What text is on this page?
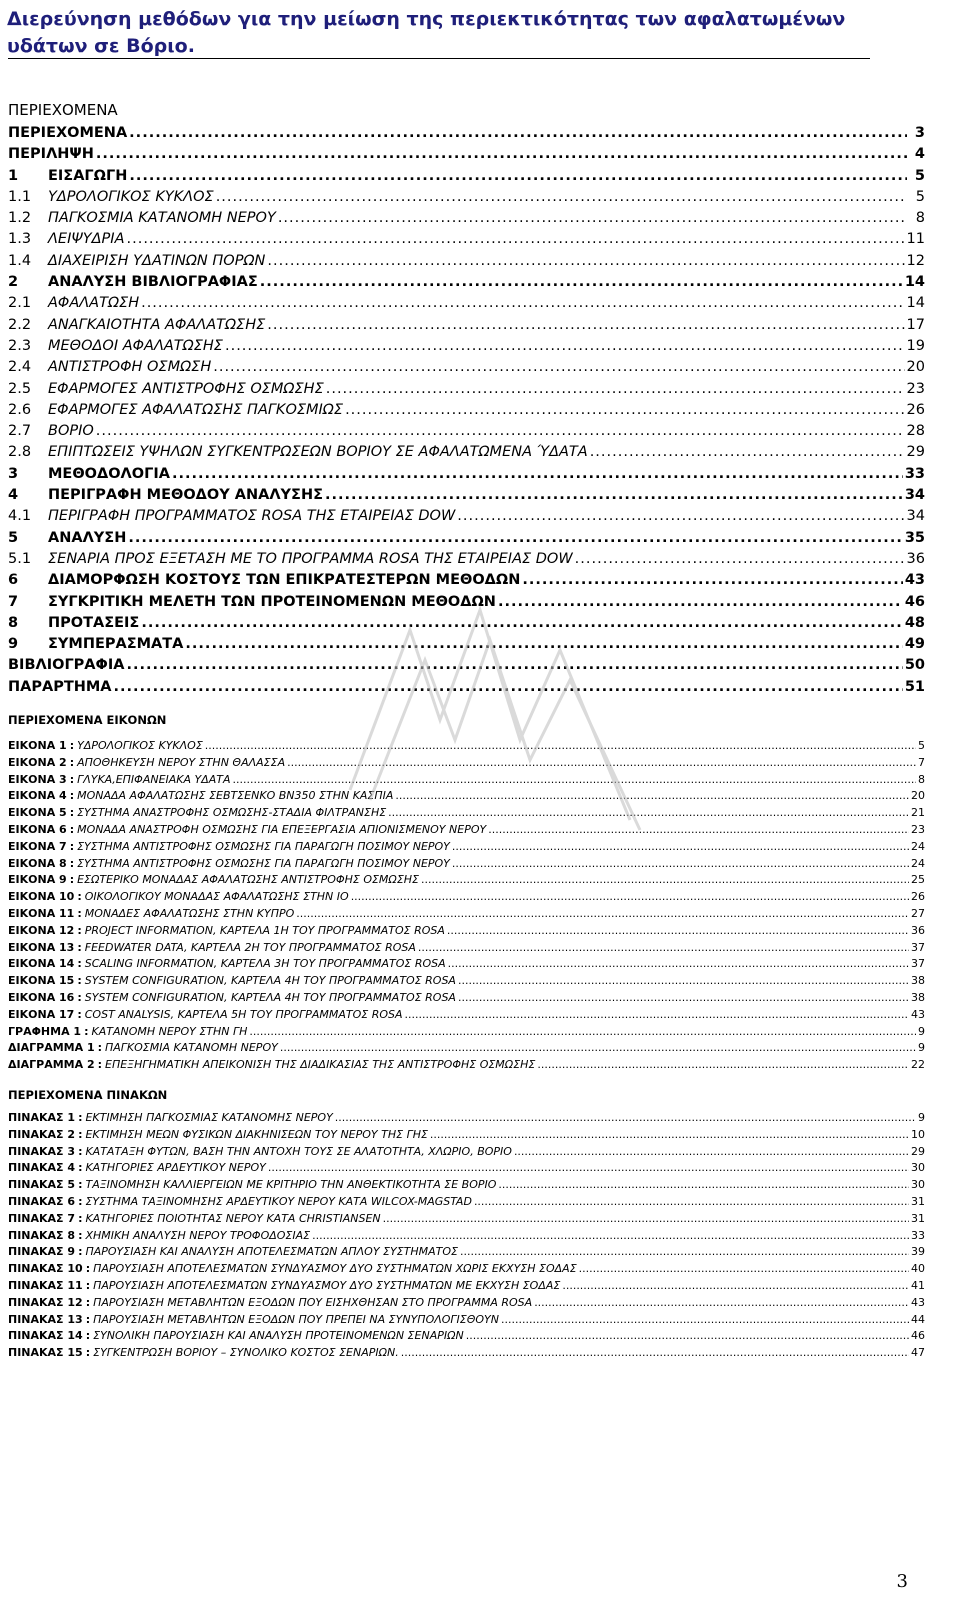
Διερεύνηση μεθόδων για την μείωση της περιεκτικότητας των αφαλατωμένων υδάτων σε Βόριο.
ΠΕΡΙΕΧΟΜΕΝΑ
ΠΕΡΙΕΧΟΜΕΝΑ .....	3
ΠΕΡΙΛΗΨΗ .....	4
1	ΕΙΣΑΓΩΓΗ .....	5
1.1	ΥΔΡΟΛΟΓΙΚΟΣ ΚΥΚΛΟΣ .....	5
1.2	ΠΑΓΚΟΣΜΙΑ ΚΑΤΑΝΟΜΗ ΝΕΡΟΥ .....	8
1.3	ΛΕΙΨΥΔΡΙΑ .....	11
1.4	ΔΙΑΧΕΙΡΙΣΗ ΥΔΑΤΙΝΩΝ ΠΟΡΩΝ .....	12
2	ΑΝΑΛΥΣΗ ΒΙΒΛΙΟΓΡΑΦΙΑΣ .....	14
2.1	ΑΦΑΛΑΤΩΣΗ .....	14
2.2	ΑΝΑΓΚΑΙΟΤΗΤΑ ΑΦΑΛΑΤΩΣΗΣ .....	17
2.3	ΜΕΘΟΔΟΙ ΑΦΑΛΑΤΩΣΗΣ .....	19
2.4	ΑΝΤΙΣΤΡΟΦΗ ΟΣΜΩΣΗ .....	20
2.5	ΕΦΑΡΜΟΓΕΣ ΑΝΤΙΣΤΡΟΦΗΣ ΟΣΜΩΣΗΣ .....	23
2.6	ΕΦΑΡΜΟΓΕΣ ΑΦΑΛΑΤΩΣΗΣ ΠΑΓΚΟΣΜΙΩΣ .....	26
2.7	ΒΟΡΙΟ .....	28
2.8	ΕΠΙΠΤΩΣΕΙΣ ΥΨΗΛΩΝ ΣΥΓΚΕΝΤΡΩΣΕΩΝ ΒΟΡΙΟΥ ΣΕ ΑΦΑΛΑΤΩΜΕΝΑ ΎΔΑΤΑ .....	29
3	ΜΕΘΟΔΟΛΟΓΙΑ .....	33
4	ΠΕΡΙΓΡΑΦΗ ΜΕΘΟΔΟΥ ΑΝΑΛΥΣΗΣ .....	34
4.1	ΠΕΡΙΓΡΑΦΗ ΠΡΟΓΡΑΜΜΑΤΟΣ ROSA ΤΗΣ ΕΤΑΙΡΕΙΑΣ DOW .....	34
5	ΑΝΑΛΥΣΗ .....	35
5.1	ΣΕΝΑΡΙΑ ΠΡΟΣ ΕΞΕΤΑΣΗ ΜΕ ΤΟ ΠΡΟΓΡΑΜΜΑ ROSA ΤΗΣ ΕΤΑΙΡΕΙΑΣ DOW .....	36
6	ΔΙΑΜΟΡΦΩΣΗ ΚΟΣΤΟΥΣ ΤΩΝ ΕΠΙΚΡΑΤΕΣΤΕΡΩΝ ΜΕΘΟΔΩΝ .....	43
7	ΣΥΓΚΡΙΤΙΚΗ ΜΕΛΕΤΗ ΤΩΝ ΠΡΟΤΕΙΝΟΜΕΝΩΝ ΜΕΘΟΔΩΝ .....	46
8	ΠΡΟΤΑΣΕΙΣ .....	48
9	ΣΥΜΠΕΡΑΣΜΑΤΑ .....	49
ΒΙΒΛΙΟΓΡΑΦΙΑ .....	50
ΠΑΡΑΡΤΗΜΑ .....	51
ΠΕΡΙΕΧΟΜΕΝΑ ΕΙΚΟΝΩΝ
ΕΙΚΟΝΑ 1 : ΥΔΡΟΛΟΓΙΚΟΣ ΚΥΚΛΟΣ .....	5
ΕΙΚΟΝΑ 2 : ΑΠΟΘΗΚΕΥΣΗ ΝΕΡΟΥ ΣΤΗΝ ΘΑΛΑΣΣΑ .....	7
ΕΙΚΟΝΑ 3 : ΓΛΥΚΑ,ΕΠΙΦΑΝΕΙΑΚΑ ΥΔΑΤΑ .....	8
ΕΙΚΟΝΑ 4 : ΜΟΝΑΔΑ ΑΦΑΛΑΤΩΣΗΣ ΣΕΒΤΣΕΝΚΟ BN350 ΣΤΗΝ ΚΑΣΠΙΑ .....	20
ΕΙΚΟΝΑ 5 : ΣΥΣΤΗΜΑ ΑΝΑΣΤΡΟΦΗΣ ΟΣΜΩΣΗΣ-ΣΤΑΔΙΑ ΦΙΛΤΡΑΝΣΗΣ .....	21
ΕΙΚΟΝΑ 6 : ΜΟΝΑΔΑ ΑΝΑΣΤΡΟΦΗ ΟΣΜΩΣΗΣ ΓΙΑ ΕΠΕΞΕΡΓΑΣΙΑ ΑΠΙΟΝΙΣΜΕΝΟΥ ΝΕΡΟΥ .....	23
ΕΙΚΟΝΑ 7 : ΣΥΣΤΗΜΑ ΑΝΤΙΣΤΡΟΦΗΣ ΟΣΜΩΣΗΣ ΓΙΑ ΠΑΡΑΓΩΓΗ ΠΟΣΙΜΟΥ ΝΕΡΟΥ .....	24
ΕΙΚΟΝΑ 8 : ΣΥΣΤΗΜΑ ΑΝΤΙΣΤΡΟΦΗΣ ΟΣΜΩΣΗΣ ΓΙΑ ΠΑΡΑΓΩΓΗ ΠΟΣΙΜΟΥ ΝΕΡΟΥ .....	24
ΕΙΚΟΝΑ 9 : ΕΣΩΤΕΡΙΚΟ ΜΟΝΑΔΑΣ ΑΦΑΛΑΤΩΣΗΣ ΑΝΤΙΣΤΡΟΦΗΣ ΟΣΜΩΣΗΣ .....	25
ΕΙΚΟΝΑ 10 : ΟΙΚΟΛΟΓΙΚΟΥ ΜΟΝΑΔΑΣ ΑΦΑΛΑΤΩΣΗΣ ΣΤΗΝ ΙΟ .....	26
ΕΙΚΟΝΑ 11 : ΜΟΝΑΔΕΣ ΑΦΑΛΑΤΩΣΗΣ ΣΤΗΝ ΚΥΠΡΟ .....	27
ΕΙΚΟΝΑ 12 : PROJECT INFORMATION, ΚΑΡΤΕΛΑ 1Η ΤΟΥ ΠΡΟΓΡΑΜΜΑΤΟΣ ROSA .....	36
ΕΙΚΟΝΑ 13 : FEEDWATER DATA, ΚΑΡΤΕΛΑ 2Η ΤΟΥ ΠΡΟΓΡΑΜΜΑΤΟΣ ROSA .....	37
ΕΙΚΟΝΑ 14 : SCALING INFORMATION, ΚΑΡΤΕΛΑ 3Η ΤΟΥ ΠΡΟΓΡΑΜΜΑΤΟΣ ROSA .....	37
ΕΙΚΟΝΑ 15 : SYSTEM CONFIGURATION, ΚΑΡΤΕΛΑ 4Η ΤΟΥ ΠΡΟΓΡΑΜΜΑΤΟΣ ROSA .....	38
ΕΙΚΟΝΑ 16 : SYSTEM CONFIGURATION, ΚΑΡΤΕΛΑ 4Η ΤΟΥ ΠΡΟΓΡΑΜΜΑΤΟΣ ROSA .....	38
ΕΙΚΟΝΑ 17 : COST ANALYSIS, ΚΑΡΤΕΛΑ 5Η ΤΟΥ ΠΡΟΓΡΑΜΜΑΤΟΣ ROSA .....	43
ΓΡΑΦΗΜΑ 1 : ΚΑΤΑΝΟΜΗ ΝΕΡΟΥ ΣΤΗΝ ΓΗ .....	9
ΔΙΑΓΡΑΜΜΑ 1 : ΠΑΓΚΟΣΜΙΑ ΚΑΤΑΝΟΜΗ ΝΕΡΟΥ .....	9
ΔΙΑΓΡΑΜΜΑ 2 : ΕΠΕΞΗΓΗΜΑΤΙΚΗ ΑΠΕΙΚΟΝΙΣΗ ΤΗΣ ΔΙΑΔΙΚΑΣΙΑΣ ΤΗΣ ΑΝΤΙΣΤΡΟΦΗΣ ΟΣΜΩΣΗΣ .....	22
ΠΕΡΙΕΧΟΜΕΝΑ ΠΙΝΑΚΩΝ
ΠΙΝΑΚΑΣ 1 : ΕΚΤΙΜΗΣΗ ΠΑΓΚΟΣΜΙΑΣ ΚΑΤΑΝΟΜΗΣ ΝΕΡΟΥ .....	9
ΠΙΝΑΚΑΣ 2 : ΕΚΤΙΜΗΣΗ ΜΕΩΝ ΦΥΣΙΚΩΝ ΔΙΑΚΗΝΙΣΕΩΝ ΤΟΥ ΝΕΡΟΥ ΤΗΣ ΓΗΣ .....	10
ΠΙΝΑΚΑΣ 3 : ΚΑΤΑΤΑΞΗ ΦΥΤΩΝ, ΒΑΣΗ ΤΗΝ ΑΝΤΟΧΗ ΤΟΥΣ ΣΕ ΑΛΑΤΟΤΗΤΑ, ΧΛΩΡΙΟ, ΒΟΡΙΟ .....	29
ΠΙΝΑΚΑΣ 4 : ΚΑΤΗΓΟΡΙΕΣ ΑΡΔΕΥΤΙΚΟΥ ΝΕΡΟΥ .....	30
ΠΙΝΑΚΑΣ 5 : ΤΑΞΙΝΟΜΗΣΗ ΚΑΛΛΙΕΡΓΕΙΩΝ ΜΕ ΚΡΙΤΗΡΙΟ ΤΗΝ ΑΝΘΕΚΤΙΚΟΤΗΤΑ ΣΕ ΒΟΡΙΟ .....	30
ΠΙΝΑΚΑΣ 6 : ΣΥΣΤΗΜΑ ΤΑΞΙΝΟΜΗΣΗΣ ΑΡΔΕΥΤΙΚΟΥ ΝΕΡΟΥ ΚΑΤΑ WILCOX-MAGSTAD .....	31
ΠΙΝΑΚΑΣ 7 : ΚΑΤΗΓΟΡΙΕΣ ΠΟΙΟΤΗΤΑΣ ΝΕΡΟΥ ΚΑΤΑ CHRISTIANSEN .....	31
ΠΙΝΑΚΑΣ 8 : ΧΗΜΙΚΗ ΑΝΑΛΥΣΗ ΝΕΡΟΥ ΤΡΟΦΟΔΟΣΙΑΣ .....	33
ΠΙΝΑΚΑΣ 9 : ΠΑΡΟΥΣΙΑΣΗ ΚΑΙ ΑΝΑΛΥΣΗ ΑΠΟΤΕΛΕΣΜΑΤΩΝ ΑΠΛΟΥ ΣΥΣΤΗΜΑΤΟΣ .....	39
ΠΙΝΑΚΑΣ 10 : ΠΑΡΟΥΣΙΑΣΗ ΑΠΟΤΕΛΕΣΜΑΤΩΝ ΣΥΝΔΥΑΣΜΟΥ ΔΥΟ ΣΥΣΤΗΜΑΤΩΝ ΧΩΡΙΣ ΕΚΧΥΣΗ ΣΟΔΑΣ .....	40
ΠΙΝΑΚΑΣ 11 : ΠΑΡΟΥΣΙΑΣΗ ΑΠΟΤΕΛΕΣΜΑΤΩΝ ΣΥΝΔΥΑΣΜΟΥ ΔΥΟ ΣΥΣΤΗΜΑΤΩΝ ΜΕ ΕΚΧΥΣΗ ΣΟΔΑΣ .....	41
ΠΙΝΑΚΑΣ 12 : ΠΑΡΟΥΣΙΑΣΗ ΜΕΤΑΒΛΗΤΩΝ ΕΞΟΔΩΝ ΠΟΥ ΕΙΣΗΧΘΗΣΑΝ ΣΤΟ ΠΡΟΓΡΑΜΜΑ ROSA .....	43
ΠΙΝΑΚΑΣ 13 : ΠΑΡΟΥΣΙΑΣΗ ΜΕΤΑΒΛΗΤΩΝ ΕΞΟΔΩΝ ΠΟΥ ΠΡΕΠΕΙ ΝΑ ΣΥΝΥΠΟΛΟΓΙΣΘΟΥΝ .....	44
ΠΙΝΑΚΑΣ 14 : ΣΥΝΟΛΙΚΗ ΠΑΡΟΥΣΙΑΣΗ ΚΑΙ ΑΝΑΛΥΣΗ ΠΡΟΤΕΙΝΟΜΕΝΩΝ ΣΕΝΑΡΙΩΝ .....	46
ΠΙΝΑΚΑΣ 15 : ΣΥΓΚΕΝΤΡΩΣΗ ΒΟΡΙΟΥ – ΣΥΝΟΛΙΚΟ ΚΟΣΤΟΣ ΣΕΝΑΡΙΩΝ. .....	47
3
